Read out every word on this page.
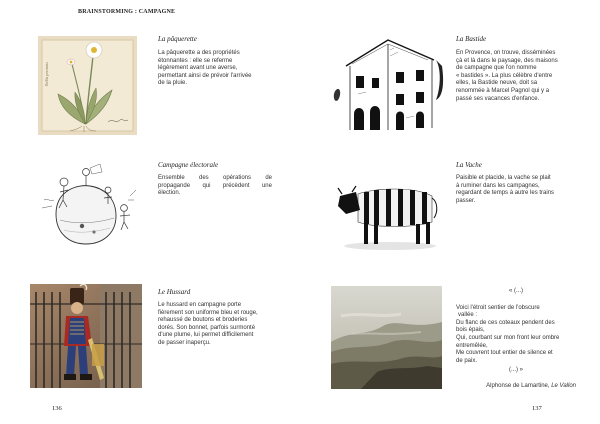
BRAINSTORMING : CAMPAGNE
Bellis perennis
La pâquerette
La pâquerette a des propriétés
étonnantes : elle se referme
légèrement avant une averse,
permettant ainsi de prévoir l'arrivée
de la pluie.
Campagne électorale
Ensemble des opérations de
propagande qui précèdent une
élection.
Le Hussard
Le hussard en campagne porte
fièrement son uniforme bleu et rouge,
rehaussé de boutons et broderies
dorés. Son bonnet, parfois surmonté
d'une plume, lui permet difficilement
de passer inaperçu.
136
La Bastide
En Provence, on trouve, disséminées
çà et là dans le paysage, des maisons
de campagne que l'on nomme
« bastides ». La plus célèbre d'entre
elles, la Bastide neuve, doit sa
renommée à Marcel Pagnol qui y a
passé ses vacances d'enfance.
La Vache
Paisible et placide, la vache se plait
à ruminer dans les campagnes,
regardant de temps à autre les trains
passer.
« (...)
Voici l'étroit sentier de l'obscure
vallée :
Du flanc de ces coteaux pendent des
bois épais,
Qui, courbant sur mon front leur ombre
entremêlée,
Me couvrent tout entier de silence et
de paix.
(...) »
Alphonse de Lamartine, Le Vallon
137
